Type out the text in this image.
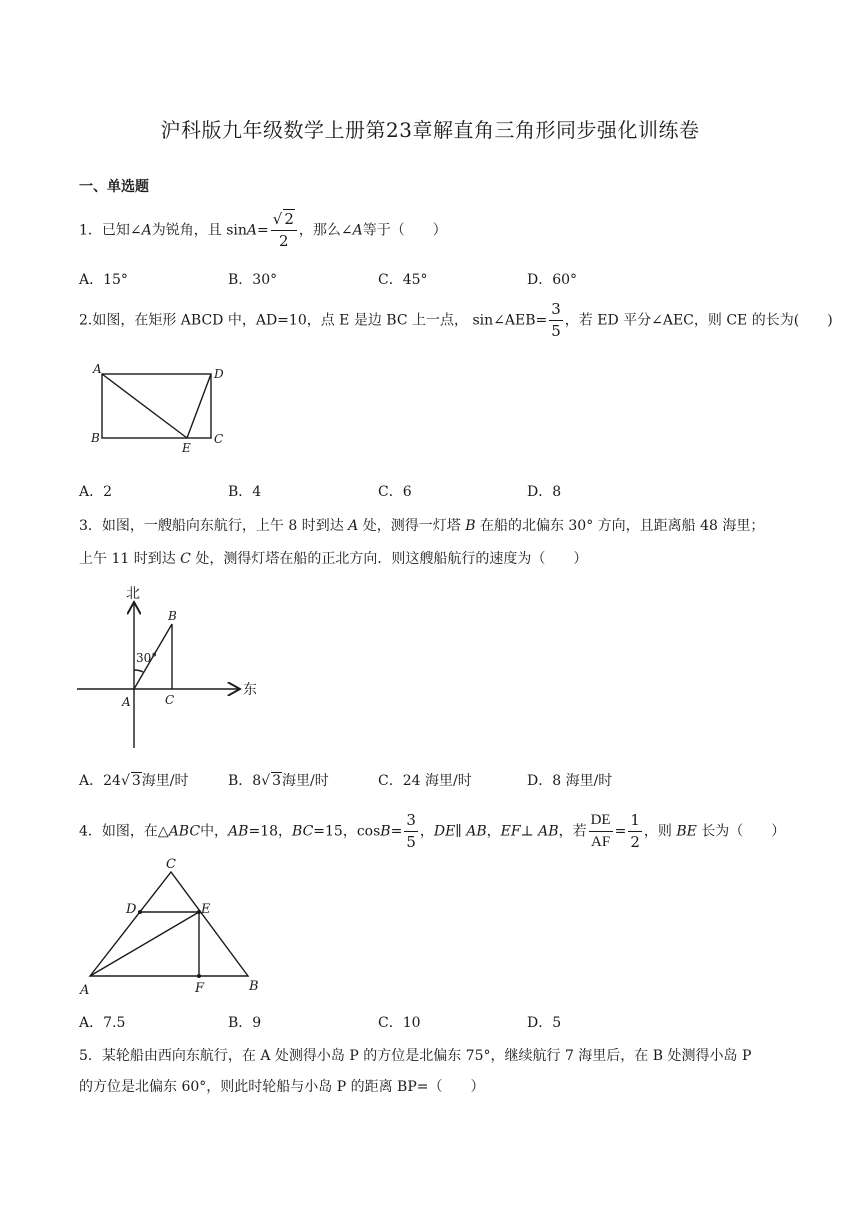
沪科版九年级数学上册第23章解直角三角形同步强化训练卷
一、单选题
1．已知∠A为锐角，且 $\sin A= \frac{√ 2}{2}$ ，那么∠A等于（　　）
A．15°	B．30°	C．45°	D．60°
2.如图，在矩形 ABCD 中，AD=10，点 E 是边 BC 上一点， sin∠AEB= $\frac{3}{5}$ ，若 ED 平分∠AEC，则 CE 的长为(　　)
A	D
B
E
C
A．2	B．4	C．6	D．8
3．如图，一艘船向东航行，上午 8 时到达 A 处，测得一灯塔 B 在船的北偏东 30° 方向，且距离船 48 海里；
上午 11 时到达 C 处，测得灯塔在船的正北方向．则这艘船航行的速度为（　　）
北
东
30°
B
A	C
A．24√ 3海里/时	B．8√ 3海里/时	C．24 海里/时	D．8 海里/时
4．如图，在△ABC中，AB=18，BC=15，$\cos B= \frac{3}{5}$ ，DE∥ AB，EF⊥ AB，若 $\frac{DE}{AF} = \frac{1}{2}$ ，则 BE 长为（　　）
C
D	E
A	F	B
A．7.5	B．9	C．10	D．5
5．某轮船由西向东航行，在 A 处测得小岛 P 的方位是北偏东 75°，继续航行 7 海里后，在 B 处测得小岛 P
的方位是北偏东 60°，则此时轮船与小岛 P 的距离 BP=（　　）
